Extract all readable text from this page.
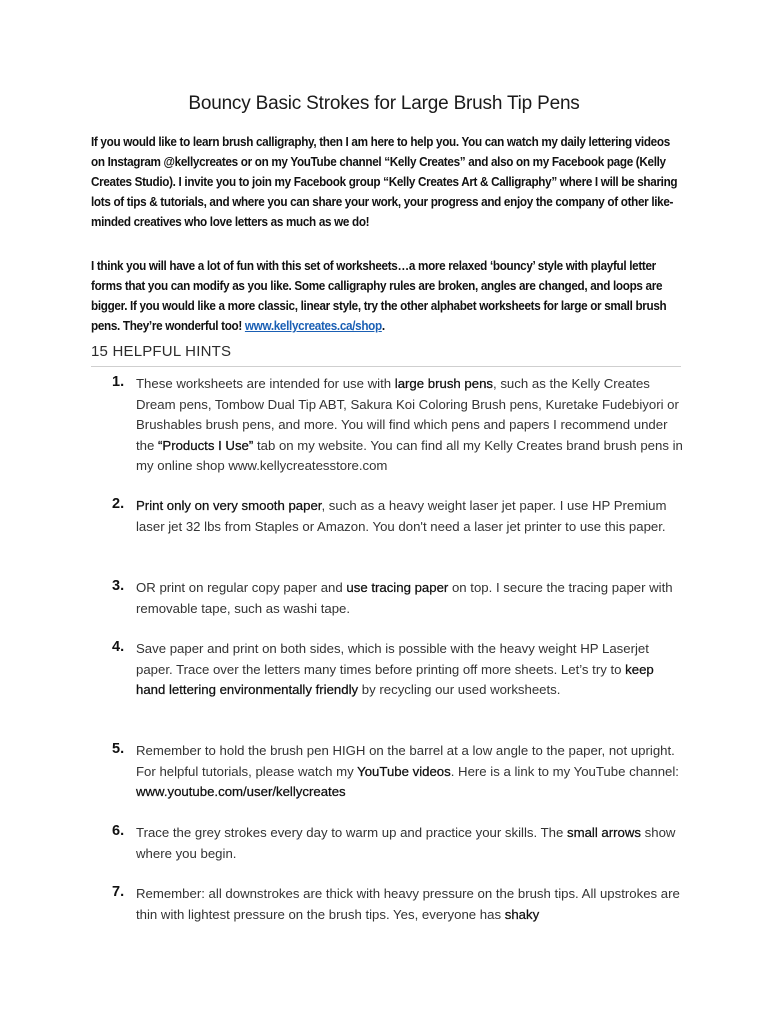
Bouncy Basic Strokes for Large Brush Tip Pens
If you would like to learn brush calligraphy, then I am here to help you. You can watch my daily lettering videos on Instagram @kellycreates or on my YouTube channel “Kelly Creates” and also on my Facebook page (Kelly Creates Studio). I invite you to join my Facebook group “Kelly Creates Art & Calligraphy” where I will be sharing lots of tips & tutorials, and where you can share your work, your progress and enjoy the company of other like-minded creatives who love letters as much as we do!
I think you will have a lot of fun with this set of worksheets…a more relaxed ‘bouncy’ style with playful letter forms that you can modify as you like. Some calligraphy rules are broken, angles are changed, and loops are bigger. If you would like a more classic, linear style, try the other alphabet worksheets for large or small brush pens. They’re wonderful too! www.kellycreates.ca/shop.
15 HELPFUL HINTS
1. These worksheets are intended for use with large brush pens, such as the Kelly Creates Dream pens, Tombow Dual Tip ABT, Sakura Koi Coloring Brush pens, Kuretake Fudebiyori or Brushables brush pens, and more. You will find which pens and papers I recommend under the “Products I Use” tab on my website. You can find all my Kelly Creates brand brush pens in my online shop www.kellycreatesstore.com
2. Print only on very smooth paper, such as a heavy weight laser jet paper. I use HP Premium laser jet 32 lbs from Staples or Amazon. You don't need a laser jet printer to use this paper.
3. OR print on regular copy paper and use tracing paper on top. I secure the tracing paper with removable tape, such as washi tape.
4. Save paper and print on both sides, which is possible with the heavy weight HP Laserjet paper. Trace over the letters many times before printing off more sheets. Let’s try to keep hand lettering environmentally friendly by recycling our used worksheets.
5. Remember to hold the brush pen HIGH on the barrel at a low angle to the paper, not upright. For helpful tutorials, please watch my YouTube videos. Here is a link to my YouTube channel: www.youtube.com/user/kellycreates
6. Trace the grey strokes every day to warm up and practice your skills. The small arrows show where you begin.
7. Remember: all downstrokes are thick with heavy pressure on the brush tips. All upstrokes are thin with lightest pressure on the brush tips. Yes, everyone has shaky
